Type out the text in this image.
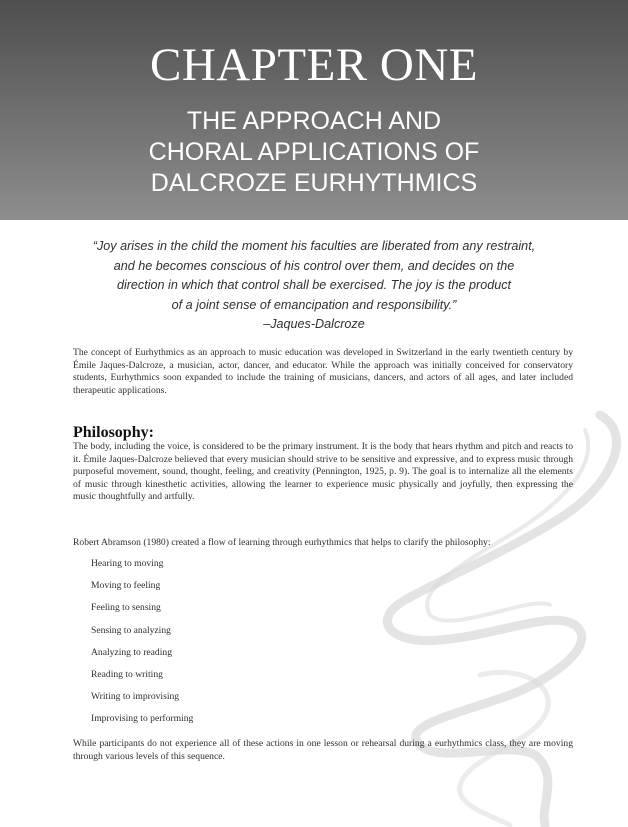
CHAPTER ONE
THE APPROACH AND
CHORAL APPLICATIONS OF
DALCROZE EURHYTHMICS
“Joy arises in the child the moment his faculties are liberated from any restraint,
and he becomes conscious of his control over them, and decides on the
direction in which that control shall be exercised. The joy is the product
of a joint sense of emancipation and responsibility.”
–Jaques-Dalcroze

The concept of Eurhythmics as an approach to music education was developed in Switzerland in the early twentieth century by Émile Jaques-Dalcroze, a musician, actor, dancer, and educator. While the approach was initially conceived for conservatory students, Eurhythmics soon expanded to include the training of musicians, dancers, and actors of all ages, and later included therapeutic applications.

Philosophy:

The body, including the voice, is considered to be the primary instrument. It is the body that hears rhythm and pitch and reacts to it. Émile Jaques-Dalcroze believed that every musician should strive to be sensitive and expressive, and to express music through purposeful movement, sound, thought, feeling, and creativity (Pennington, 1925, p. 9). The goal is to internalize all the elements of music through kinesthetic activities, allowing the learner to experience music physically and joyfully, then expressing the music thoughtfully and artfully.

Robert Abramson (1980) created a flow of learning through eurhythmics that helps to clarify the philosophy:

Hearing to moving
Moving to feeling
Feeling to sensing
Sensing to analyzing
Analyzing to reading
Reading to writing
Writing to improvising
Improvising to performing

While participants do not experience all of these actions in one lesson or rehearsal during a eurhythmics class, they are moving through various levels of this sequence.
